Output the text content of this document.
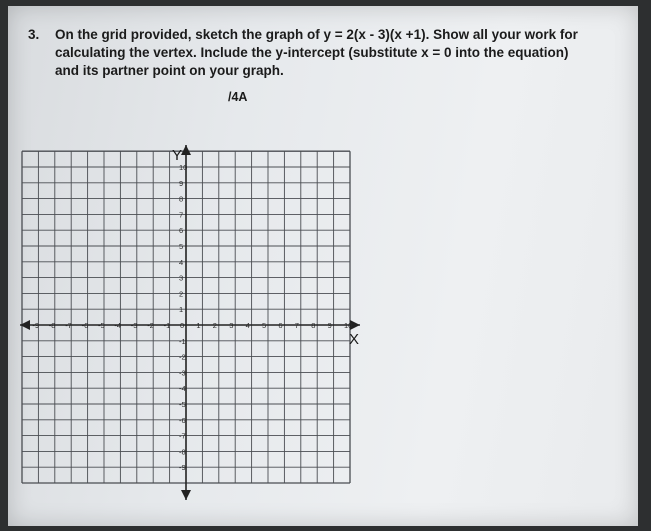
3. On the grid provided, sketch the graph of y = 2(x - 3)(x +1). Show all your work for calculating the vertex. Include the y-intercept (substitute x = 0 into the equation) and its partner point on your graph.
/4A
-9 -8 -7 -6 -5 -4 -3 -2 -1 0 1 2 3 4 5 6 7 8 9 10
10
9
8
7
6
5
4
3
2
1
-1
-2
-3
-4
-5
-6
-7
-8
-9
Y
X
